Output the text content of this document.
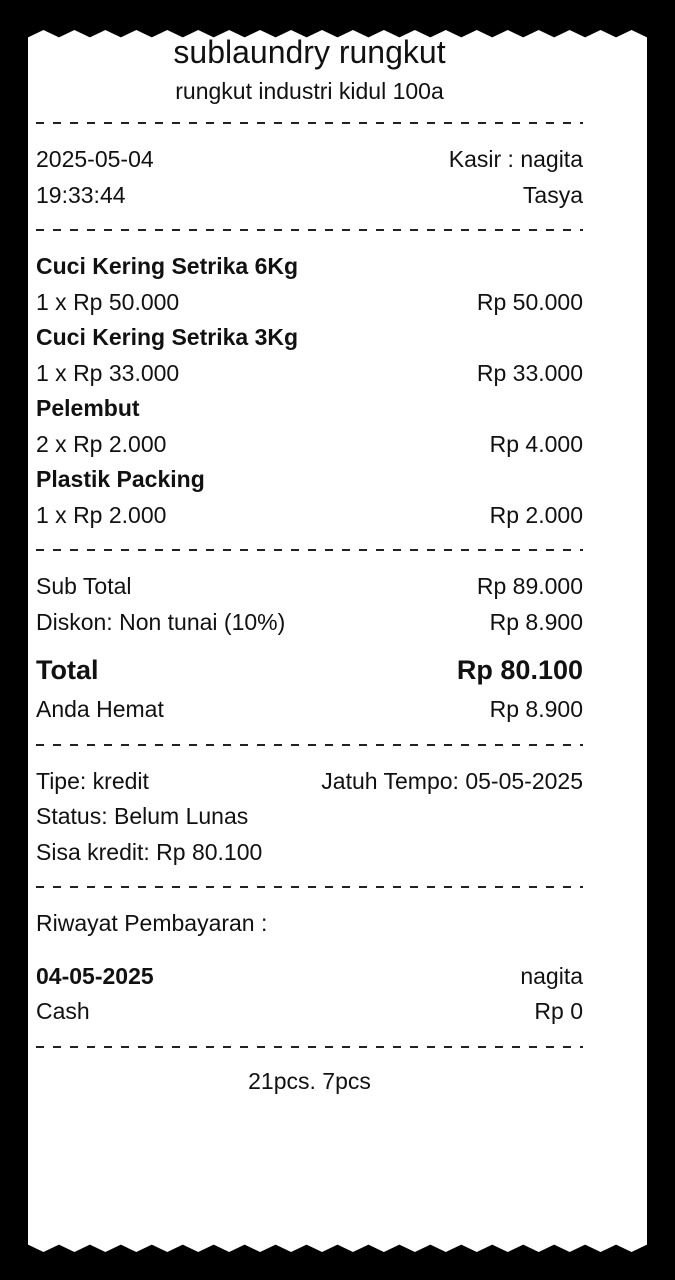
sublaundry rungkut
rungkut industri kidul 100a
2025-05-04	Kasir : nagita
19:33:44	Tasya
Cuci Kering Setrika 6Kg
1 x Rp 50.000	Rp 50.000
Cuci Kering Setrika 3Kg
1 x Rp 33.000	Rp 33.000
Pelembut
2 x Rp 2.000	Rp 4.000
Plastik Packing
1 x Rp 2.000	Rp 2.000
Sub Total	Rp 89.000
Diskon: Non tunai (10%)	Rp 8.900
Total	Rp 80.100
Anda Hemat	Rp 8.900
Tipe: kredit	Jatuh Tempo: 05-05-2025
Status: Belum Lunas
Sisa kredit: Rp 80.100
Riwayat Pembayaran :
04-05-2025	nagita
Cash	Rp 0
21pcs. 7pcs
